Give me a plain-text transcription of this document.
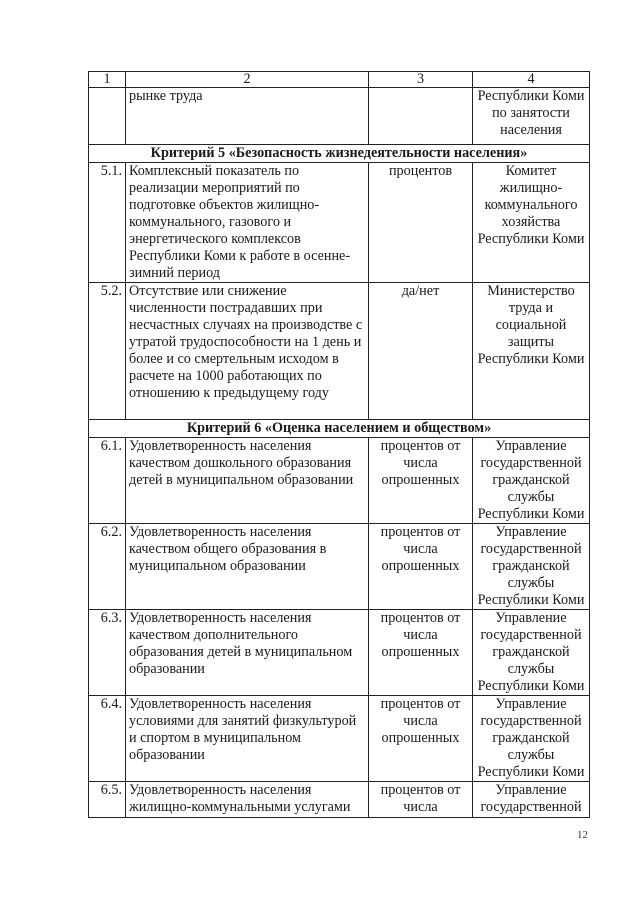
1	2	3	4
	рынке труда		Республики Коми по занятости населения
Критерий 5 «Безопасность жизнедеятельности населения»			
5.1.	Комплексный показатель по реализации мероприятий по подготовке объектов жилищно-коммунального, газового и энергетического комплексов Республики Коми к работе в осенне-зимний период	процентов	Комитет жилищно-коммунального хозяйства Республики Коми
5.2.	Отсутствие или снижение численности пострадавших при несчастных случаях на производстве с утратой трудоспособности на 1 день и более и со смертельным исходом в расчете на 1000 работающих по отношению к предыдущему году	да/нет	Министерство труда и социальной защиты Республики Коми
Критерий 6 «Оценка населением и обществом»			
6.1.	Удовлетворенность населения качеством дошкольного образования детей в муниципальном образовании	процентов от числа опрошенных	Управление государственной гражданской службы Республики Коми
6.2.	Удовлетворенность населения качеством общего образования в муниципальном образовании	процентов от числа опрошенных	Управление государственной гражданской службы Республики Коми
6.3.	Удовлетворенность населения качеством дополнительного образования детей в муниципальном образовании	процентов от числа опрошенных	Управление государственной гражданской службы Республики Коми
6.4.	Удовлетворенность населения условиями для занятий физкультурой и спортом в муниципальном образовании	процентов от числа опрошенных	Управление государственной гражданской службы Республики Коми
6.5.	Удовлетворенность населения жилищно-коммунальными услугами	процентов от числа	Управление государственной
12
